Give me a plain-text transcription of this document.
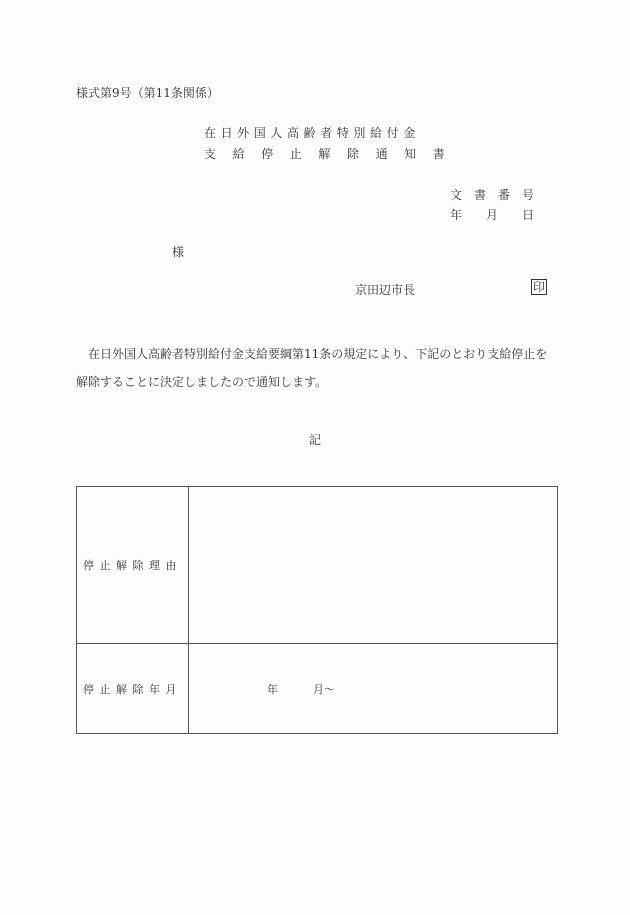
様式第9号（第11条関係）
在日外国人高齢者特別給付金
支 給 停 止 解 除 通 知 書
文 書 番 号
年 月 日
様
京田辺市長	印
在日外国人高齢者特別給付金支給要綱第11条の規定により、下記のとおり支給停止を解除することに決定しましたので通知します。
記
停止解除理由	
停止解除年月	年 月〜
